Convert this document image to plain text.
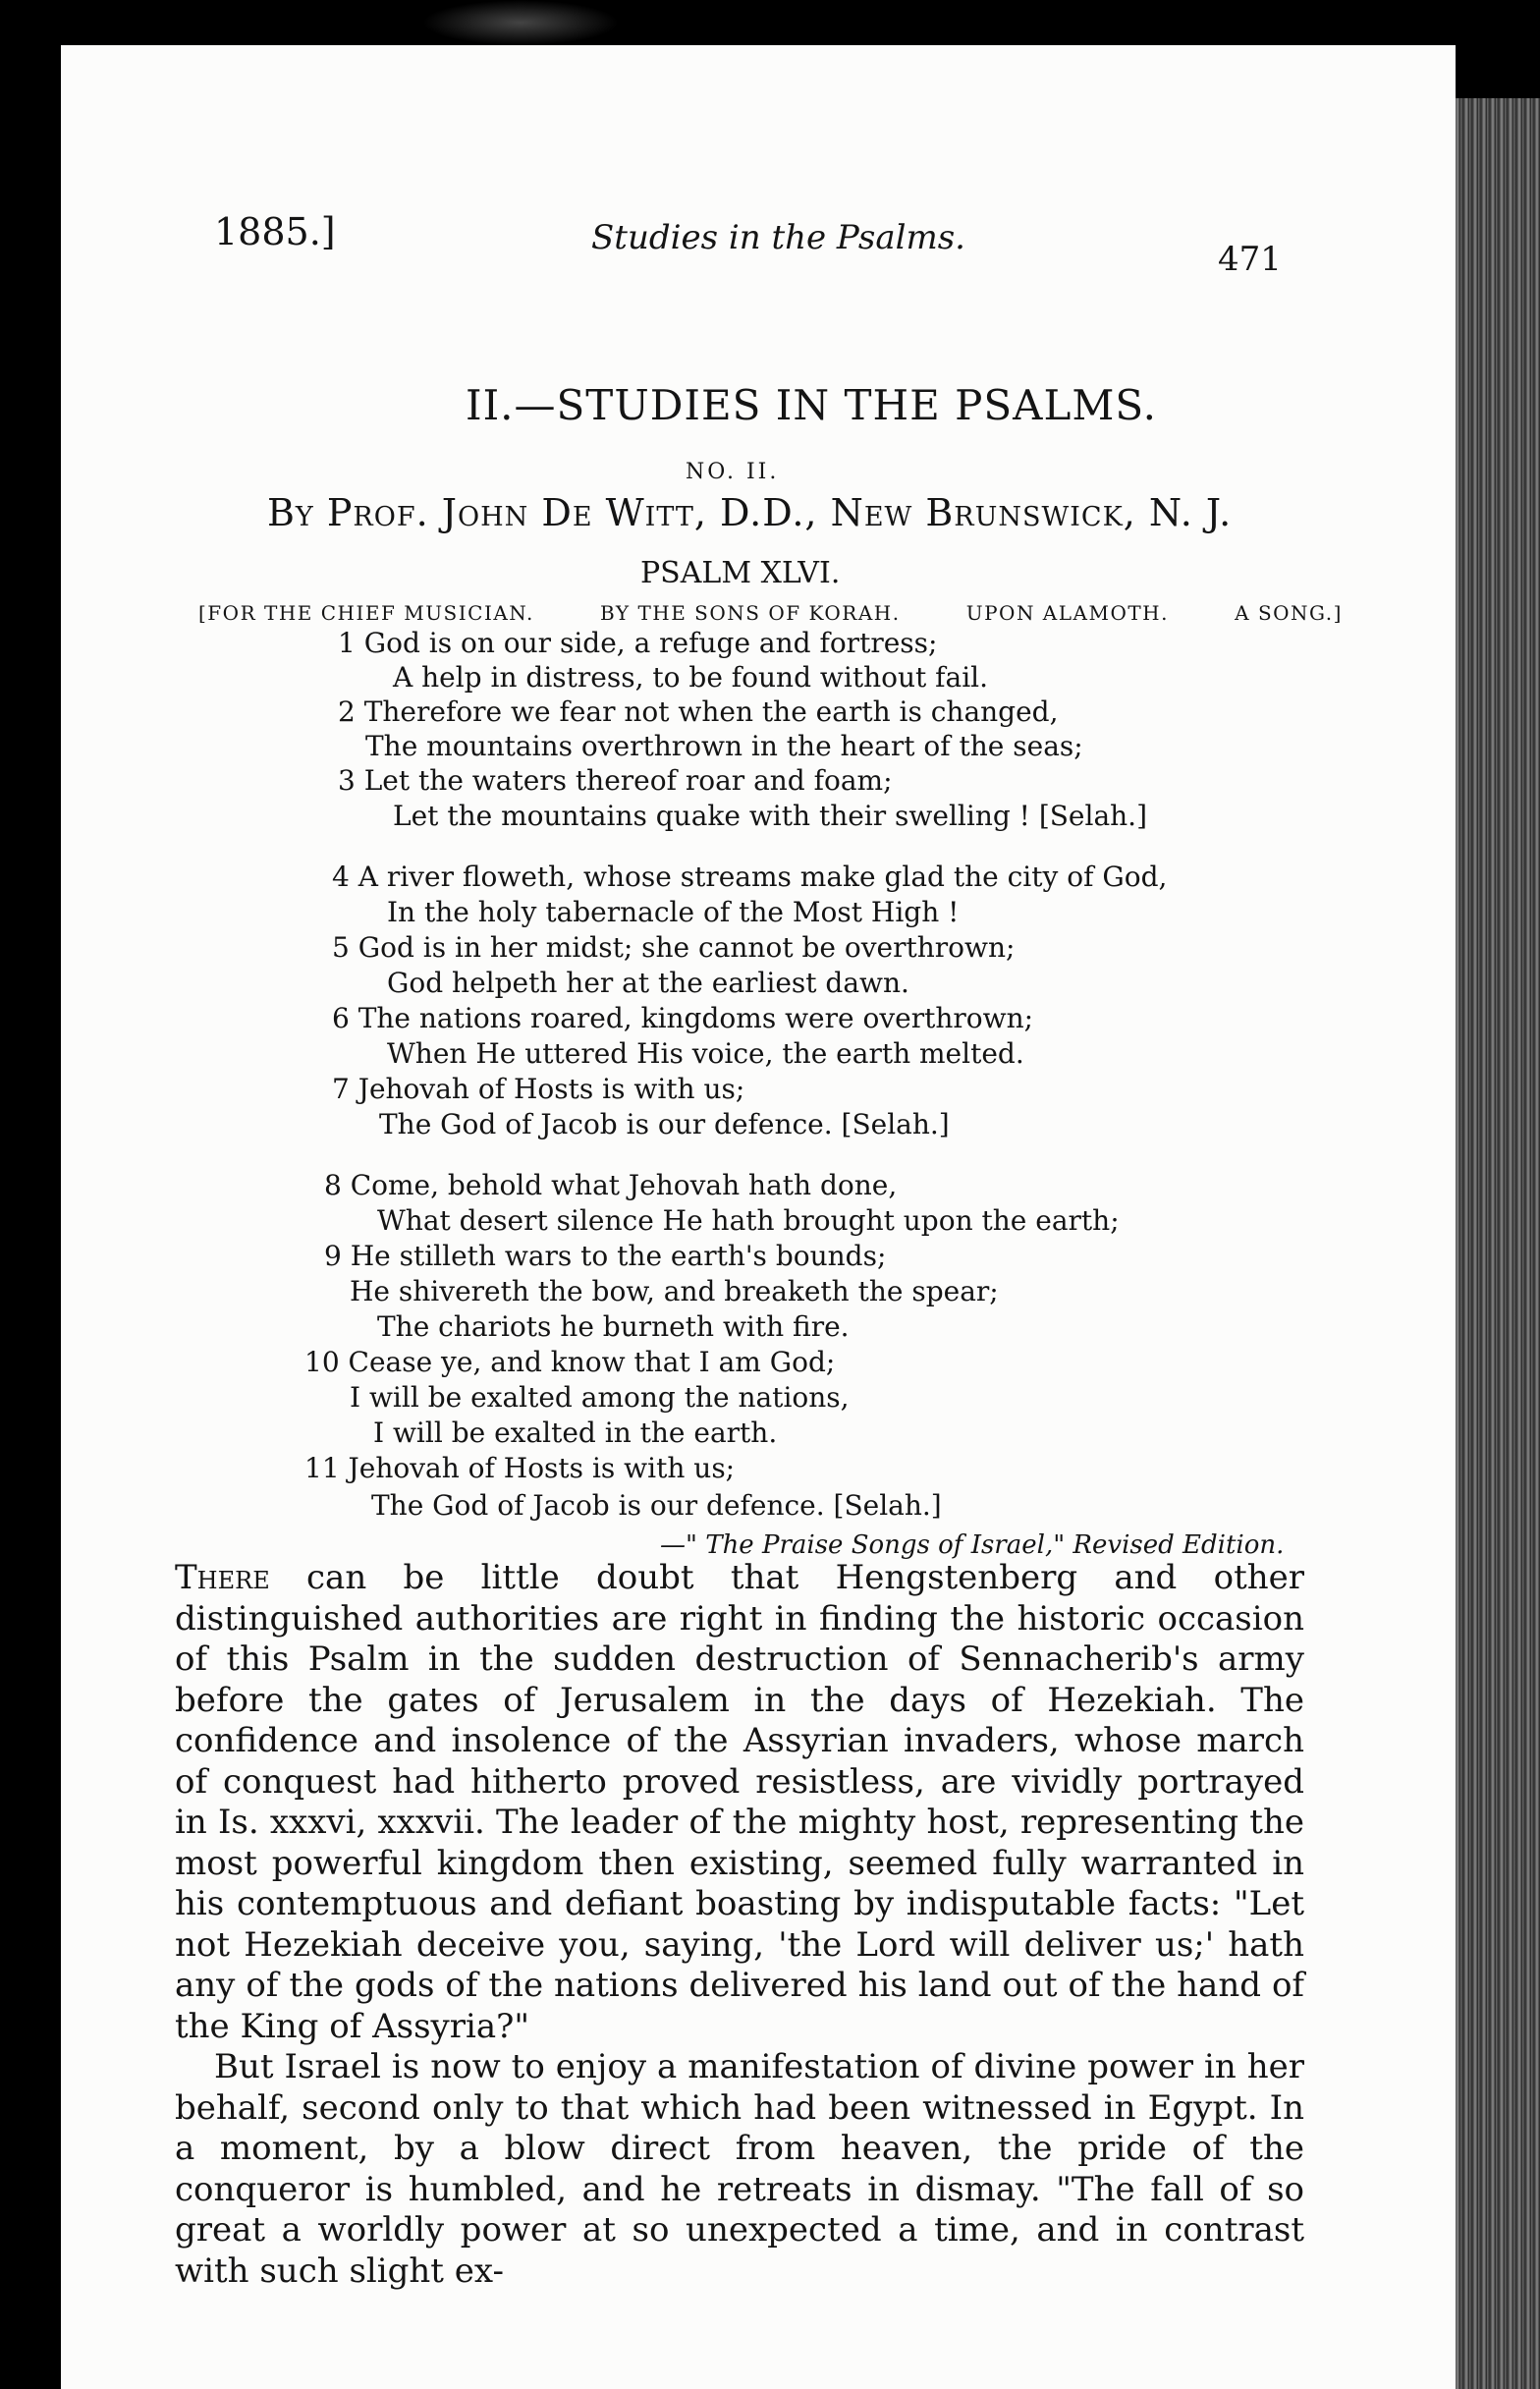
1885.]	Studies in the Psalms.
471
II.—STUDIES IN THE PSALMS.
NO. II.
By Prof. John De Witt, D.D., New Brunswick, N. J.
PSALM XLVI.
[FOR THE CHIEF MUSICIAN.	BY THE SONS OF KORAH.	UPON ALAMOTH.	A SONG.]
1 God is on our side, a refuge and fortress;
A help in distress, to be found without fail.
2 Therefore we fear not when the earth is changed,
The mountains overthrown in the heart of the seas;
3 Let the waters thereof roar and foam;
Let the mountains quake with their swelling ! [Selah.]
4 A river floweth, whose streams make glad the city of God,
In the holy tabernacle of the Most High !
5 God is in her midst; she cannot be overthrown;
God helpeth her at the earliest dawn.
6 The nations roared, kingdoms were overthrown;
When He uttered His voice, the earth melted.
7 Jehovah of Hosts is with us;
The God of Jacob is our defence. [Selah.]
8 Come, behold what Jehovah hath done,
What desert silence He hath brought upon the earth;
9 He stilleth wars to the earth's bounds;
He shivereth the bow, and breaketh the spear;
The chariots he burneth with fire.
10 Cease ye, and know that I am God;
I will be exalted among the nations,
I will be exalted in the earth.
11 Jehovah of Hosts is with us;
The God of Jacob is our defence. [Selah.]
—" The Praise Songs of Israel," Revised Edition.

There can be little doubt that Hengstenberg and other distinguished authorities are right in finding the historic occasion of this Psalm in the sudden destruction of Sennacherib's army before the gates of Jerusalem in the days of Hezekiah. The confidence and insolence of the Assyrian invaders, whose march of conquest had hitherto proved resistless, are vividly portrayed in Is. xxxvi, xxxvii. The leader of the mighty host, representing the most powerful kingdom then existing, seemed fully warranted in his contemptuous and defiant boasting by indisputable facts: "Let not Hezekiah deceive you, saying, 'the Lord will deliver us;' hath any of the gods of the nations delivered his land out of the hand of the King of Assyria?"

But Israel is now to enjoy a manifestation of divine power in her behalf, second only to that which had been witnessed in Egypt. In a moment, by a blow direct from heaven, the pride of the conqueror is humbled, and he retreats in dismay. "The fall of so great a worldly power at so unexpected a time, and in contrast with such slight ex-
